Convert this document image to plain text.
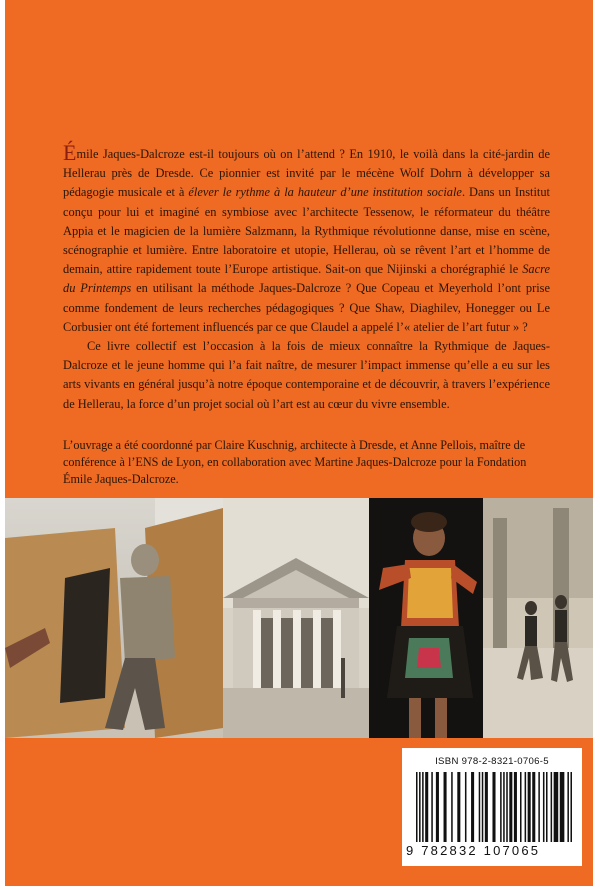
Émile Jaques-Dalcroze est-il toujours où on l’attend ? En 1910, le voilà dans la cité-jardin de Hellerau près de Dresde. Ce pionnier est invité par le mécène Wolf Dohrn à développer sa pédagogie musicale et à élever le rythme à la hauteur d’une institution sociale. Dans un Institut conçu pour lui et imaginé en symbiose avec l’architecte Tessenow, le réformateur du théâtre Appia et le magicien de la lumière Salzmann, la Rythmique révolutionne danse, mise en scène, scénographie et lumière. Entre laboratoire et utopie, Hellerau, où se rêvent l’art et l’homme de demain, attire rapidement toute l’Europe artistique. Sait-on que Nijinski a chorégraphié le Sacre du Printemps en utilisant la méthode Jaques-Dalcroze ? Que Copeau et Meyerhold l’ont prise comme fondement de leurs recherches pédagogiques ? Que Shaw, Diaghilev, Honegger ou Le Corbusier ont été fortement influencés par ce que Claudel a appelé l’« atelier de l’art futur » ?

Ce livre collectif est l’occasion à la fois de mieux connaître la Rythmique de Jaques-Dalcroze et le jeune homme qui l’a fait naître, de mesurer l’impact immense qu’elle a eu sur les arts vivants en général jusqu’à notre époque contemporaine et de découvrir, à travers l’expérience de Hellerau, la force d’un projet social où l’art est au cœur du vivre ensemble.

L’ouvrage a été coordonné par Claire Kuschnig, architecte à Dresde, et Anne Pellois, maître de conférence à l’ENS de Lyon, en collaboration avec Martine Jaques-Dalcroze pour la Fondation Émile Jaques-Dalcroze.

ISBN 978-2-8321-0706-5
9 782832 107065
